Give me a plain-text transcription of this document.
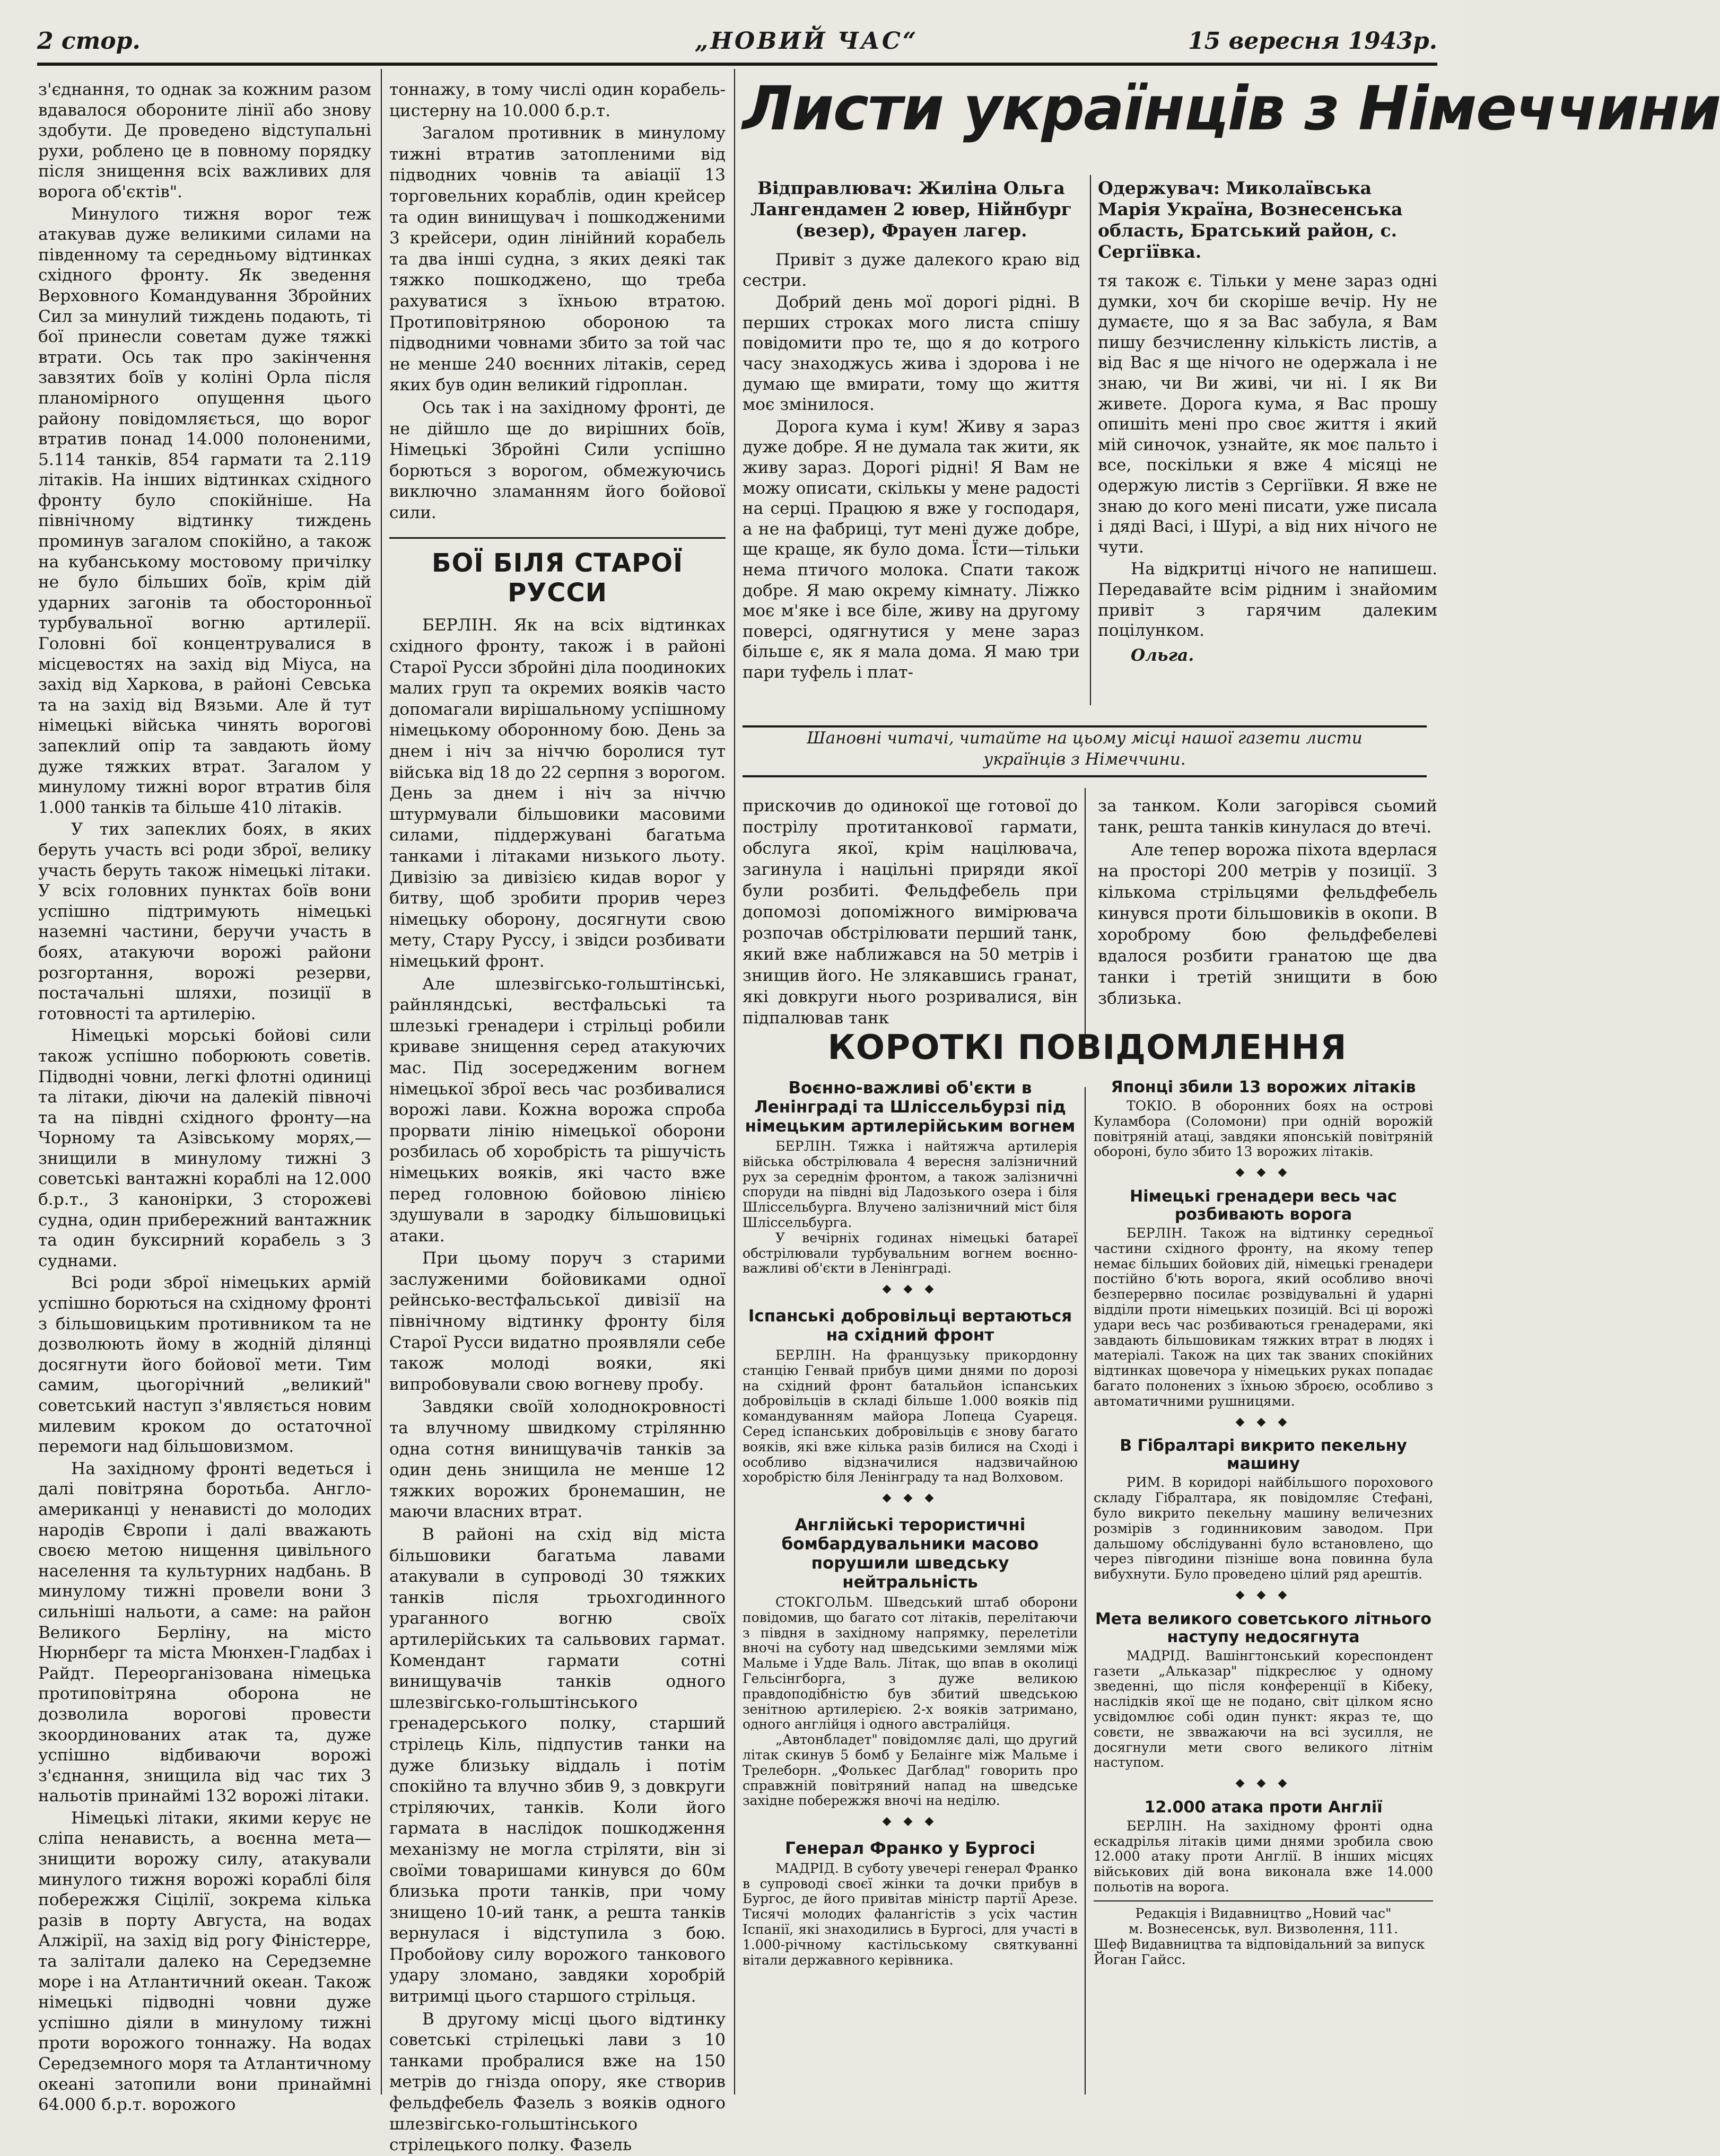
2 стор.	„НОВИЙ ЧАС“	15 вересня 1943р.

з'єднання, то однак за кожним разом вдавалося обороните лінії або знову здобути. Де проведено відступальні рухи, роблено це в повному порядку після знищення всіх важливих для ворога об'єктів".

Минулого тижня ворог теж атакував дуже великими силами на південному та середньому відтинках східного фронту. Як зведення Верховного Командування Збройних Сил за минулий тиждень подають, ті бої принесли советам дуже тяжкі втрати. Ось так про закінчення завзятих боїв у колінi Орла після планомірного опущення цього району повідомляється, що ворог втратив понад 14.000 полоненими, 5.114 танків, 854 гармати та 2.119 літаків. На інших відтинках східного фронту було спокійніше. На північному відтинку тиждень проминув загалом спокійно, а також на кубанському мостовому причілку не було більших боїв, крім дій ударних загонів та обосторонньої турбувальної вогню артилерії. Головні бої концентрувалися в місцевостях на захід від Міуса, на захід від Харкова, в районі Севська та на захід від Вязьми. Але й тут німецькі війська чинять ворогові запеклий опір та завдають йому дуже тяжких втрат. Загалом у минулому тижні ворог втратив біля 1.000 танків та більше 410 літаків.

У тих запеклих боях, в яких беруть участь всі роди зброї, велику участь беруть також німецькі літаки. У всіх головних пунктах боїв вони успішно підтримують німецькі наземні частини, беручи участь в боях, атакуючи ворожі райони розгортання, ворожі резерви, постачальні шляхи, позиції в готовності та артилерію.

Німецькі морські бойові сили також успішно поборюють советів. Підводні човни, легкі флотні одиниці та літаки, діючи на далекій півночі та на півдні східного фронту—на Чорному та Азівському морях,—знищили в минулому тижні 3 советські вантажні кораблі на 12.000 б.р.т., 3 канонірки, 3 сторожеві судна, один прибережний вантажник та один буксирний корабель з 3 суднами.

Всі роди зброї німецьких армій успішно борються на східному фронті з більшовицьким противником та не дозволюють йому в жодній ділянці досягнути його бойової мети. Тим самим, цьогорічний „великий" советський наступ з'являється новим милевим кроком до остаточної перемоги над більшовизмом.

На західному фронті ведеться і далі повітряна боротьба. Англо-американці у ненависті до молодих народів Європи і далі вважають своєю метою нищення цивільного населення та культурних надбань. В минулому тижні провели вони 3 сильніші нальоти, а саме: на район Великого Берліну, на місто Нюрнберг та міста Мюнхен-Гладбах і Райдт. Переорганізована німецька протиповітряна оборона не дозволила ворогові провести зкоординованих атак та, дуже успішно відбиваючи ворожі з'єднання, знищила від час тих 3 нальотів принаймі 132 ворожі літаки.

Німецькі літаки, якими керує не сліпа ненависть, а воєнна мета—знищити ворожу силу, атакували минулого тижня ворожі кораблі біля побережжя Сіцілії, зокрема кілька разів в порту Августа, на водах Алжірії, на захід від рогу Фіністерре, та залітали далеко на Середземне море і на Атлантичний океан. Також німецькі підводні човни дуже успішно діяли в минулому тижні проти ворожого тоннажу. На водах Середземного моря та Атлантичному океані затопили вони принаймні 64.000 б.р.т. ворожого

тоннажу, в тому числі один корабель-цистерну на 10.000 б.р.т.

Загалом противник в минулому тижні втратив затопленими від підводних човнів та авіації 13 торговельних кораблів, один крейсер та один винищувач і пошкодженими 3 крейсери, один лінійний корабель та два інші судна, з яких деякі так тяжко пошкоджено, що треба рахуватися з їхньою втратою. Протиповітряною обороною та підводними човнами збито за той час не менше 240 воєнних літаків, серед яких був один великий гідроплан.

Ось так і на західному фронті, де не дійшло ще до вирішних боїв, Німецькі Збройні Сили успішно борються з ворогом, обмежуючись виключно зламанням його бойової сили.

БОЇ БІЛЯ СТАРОЇ РУССИ

БЕРЛІН. Як на всіх відтинках східного фронту, також і в районі Старої Русси збройні діла поодиноких малих груп та окремих вояків часто допомагали вирішальному успішному німецькому оборонному бою. День за днем і ніч за ніччю боролися тут війська від 18 до 22 серпня з ворогом. День за днем і ніч за ніччю штурмували більшовики масовими силами, піддержувані багатьма танками і літаками низького льоту. Дивізію за дивізією кидав ворог у битву, щоб зробити прорив через німецьку оборону, досягнути свою мету, Стару Руссу, і звідси розбивати німецький фронт.

Але шлезвігсько-гольштінські, райнляндські, вестфальські та шлезькі гренадери і стрільці робили криваве знищення серед атакуючих мас. Під зосередженим вогнем німецької зброї весь час розбивалися ворожі лави. Кожна ворожа спроба прорвати лінію німецької оборони розбилась об хоробрість та рішучість німецьких вояків, які часто вже перед головною бойовою лінією здушували в зародку більшовицькі атаки.

При цьому поруч з старими заслуженими бойовиками одної рейнсько-вестфальської дивізії на північному відтинку фронту біля Старої Русси видатно проявляли себе також молоді вояки, які випробовували свою вогневу пробу.

Завдяки своїй холоднокровності та влучному швидкому стрілянню одна сотня винищувачів танків за один день знищила не менше 12 тяжких ворожих бронемашин, не маючи власних втрат.

В районі на схід від міста більшовики багатьма лавами атакували в супроводі 30 тяжких танків після трьохгодинного ураганного вогню своїх артилерійських та сальвових гармат. Комендант гармати сотні винищувачів танків одного шлезвігсько-гольштінського гренадерського полку, старший стрілець Кіль, підпустив танки на дуже близьку віддаль і потім спокійно та влучно збив 9, з довкруги стріляючих, танків. Коли його гармата в наслідок пошкодження механізму не могла стріляти, він зі своїми товаришами кинувся до 60м близька проти танків, при чому знищено 10-ий танк, а решта танків вернулася і відступила з бою. Пробойову силу ворожого танкового удару зломано, завдяки хоробрій витримці цього старшого стрільця.

В другому місці цього відтинку советські стрілецькі лави з 10 танками пробралися вже на 150 метрів до гнізда опору, яке створив фельдфебель Фазель з вояків одного шлезвігсько-гольштінського стрілецького полку. Фазель

Листи українців з Німеччини

Відправлювач: Жиліна Ольга Лангендамен 2 ювер, Нійнбург (везер), Фрауен лагер.

Привіт з дуже далекого краю від сестри.

Добрий день мої дорогі рідні. В перших строках мого листа спішу повідомити про те, що я до котрого часу знаходжусь жива і здорова і не думаю ще вмирати, тому що життя моє змінилося.

Дорога кума і кум! Живу я зараз дуже добре. Я не думала так жити, як живу зараз. Дорогі рідні! Я Вам не можу описати, скількы у мене радості на серці. Працюю я вже у господаря, а не на фабриці, тут мені дуже добре, ще краще, як було дома. Їсти—тільки нема птичого молока. Спати також добре. Я маю окрему кімнату. Ліжко моє м'яке і все біле, живу на другому поверсі, одягнутися у мене зараз більше є, як я мала дома. Я маю три пари туфель і плат-

Одержувач: Миколаївська Марія Україна, Вознесенська область, Братський район, с. Сергіївка.

тя також є. Тільки у мене зараз одні думки, хоч би скоріше вечір. Ну не думаєте, що я за Вас забула, я Вам пишу безчисленну кількість листів, а від Вас я ще нічого не одержала і не знаю, чи Ви живі, чи ні. І як Ви живете. Дорога кума, я Вас прошу опишіть мені про своє життя і який мій синочок, узнайте, як моє пальто і все, поскільки я вже 4 місяці не одержую листів з Сергіївки. Я вже не знаю до кого мені писати, уже писала і дяді Васі, і Шурі, а від них нічого не чути.

На відкритці нічого не напишеш. Передавайте всім рідним і знайомим привіт з гарячим далеким поцілунком.

Ольга.

Шановні читачі, читайте на цьому місці нашої газети листи
українців з Німеччини.

прискочив до одинокої ще готової до пострілу протитанкової гармати, обслуга якої, крім націлювача, загинула і націльні приряди якої були розбиті. Фельдфебель при допомозі допоміжного вимірювача розпочав обстрілювати перший танк, який вже наближався на 50 метрів і знищив його. Не злякавшись гранат, які довкруги нього розривалися, він підпалював танк

за танком. Коли загорівся сьомий танк, решта танків кинулася до втечі.

Але тепер ворожа піхота вдерлася на просторі 200 метрів у позиції. З кількома стрільцями фельдфебель кинувся проти більшовиків в окопи. В хороброму бою фельдфебелеві вдалося розбити гранатою ще два танки і третій знищити в бою зблизька.

КОРОТКІ ПОВІДОМЛЕННЯ
Воєнно-важливі об'єкти в Ленінграді та Шліссельбурзі під німецьким артилерійським вогнем

БЕРЛІН. Тяжка і найтяжча артилерія війська обстрілювала 4 вересня залізничний рух за середнім фронтом, а також залізничні споруди на півдні від Ладозького озера і біля Шліссельбурга. Влучено залізничний міст біля Шліссельбурга.

У вечірніх годинах німецькі батареї обстрілювали турбувальним вогнем воєнно-важливі об'єкти в Ленінграді.

◆ ◆ ◆
Іспанські добровільці вертаються на східний фронт

БЕРЛІН. На французьку прикордонну станцію Генвай прибув цими днями по дорозі на східний фронт батальйон іспанських добровільців в складі більше 1.000 вояків під командуванням майора Лопеца Суареця. Серед іспанських добровільців є знову багато вояків, які вже кілька разів билися на Сході і особливо відзначилися надзвичайною хоробрістю біля Ленінграду та над Волховом.

◆ ◆ ◆
Англійські терористичні бомбардувальники масово порушили шведську нейтральність

СТОКГОЛЬМ. Шведський штаб оборони повідомив, що багато сот літаків, перелітаючи з півдня в західному напрямку, перелетіли вночі на суботу над шведськими землями між Мальме і Удде Валь. Літак, що впав в околиці Гельсінгборга, з дуже великою правдоподібністю був збитий шведською зенітною артилерією. 2-х вояків затримано, одного англійця і одного австралійця.

„Автонбладет" повідомляє далі, що другий літак скинув 5 бомб у Белаінге між Мальме і Трелеборн. „Фолькес Дагблад" говорить про справжній повітряний напад на шведське західне побережжя вночі на неділю.

◆ ◆ ◆
Генерал Франко у Бургосі

МАДРІД. В суботу увечері генерал Франко в супроводі своєї жінки та дочки прибув в Бургос, де його привітав міністр партії Арезе. Тисячі молодих фалангістів з усіх частин Іспанії, які знаходились в Бургосі, для участі в 1.000-річному кастільському святкуванні вітали державного керівника.

Японці збили 13 ворожих літаків

ТОКІО. В оборонних боях на острові Куламбора (Соломони) при одній ворожій повітряній атаці, завдяки японській повітряній обороні, було збито 13 ворожих літаків.

◆ ◆ ◆
Німецькі гренадери весь час розбивають ворога

БЕРЛІН. Також на відтинку середньої частини східного фронту, на якому тепер немає більших бойових дій, німецькі гренадери постійно б'ють ворога, який особливо вночі безперервно посилає розвідувальні й ударні відділи проти німецьких позицій. Всі ці ворожі удари весь час розбиваються гренадерами, які завдають більшовикам тяжких втрат в людях і матеріалі. Також на цих так званих спокійних відтинках щовечора у німецьких руках попадає багато полонених з їхньою зброєю, особливо з автоматичними рушницями.

◆ ◆ ◆
В Гібралтарі викрито пекельну машину

РИМ. В коридорі найбільшого порохового складу Гібралтара, як повідомляє Стефані, було викрито пекельну машину величезних розмірів з годинниковим заводом. При дальшому обслідуванні було встановлено, що через півгодини пізніше вона повинна була вибухнути. Було проведено цілий ряд арештів.

◆ ◆ ◆
Мета великого советського літнього наступу недосягнута

МАДРІД. Вашінгтонський кореспондент газети „Альказар" підкреслює у одному зведенні, що після конференції в Кібеку, наслідків якої ще не подано, світ цілком ясно усвідомлює собі один пункт: якраз те, що совєти, не звважаючи на всі зусилля, не досягнули мети свого великого літнім наступом.

◆ ◆ ◆
12.000 атака проти Англії

БЕРЛІН. На західному фронті одна ескадрілья літаків цими днями зробила свою 12.000 атаку проти Англії. В інших місцях військових дій вона виконала вже 14.000 польотів на ворога.

Редакція і Видавництво „Новий час"

м. Вознесенськ, вул. Визволення, 111.

Шеф Видавництва та відповідальний за випуск Йоган Гайсс.
